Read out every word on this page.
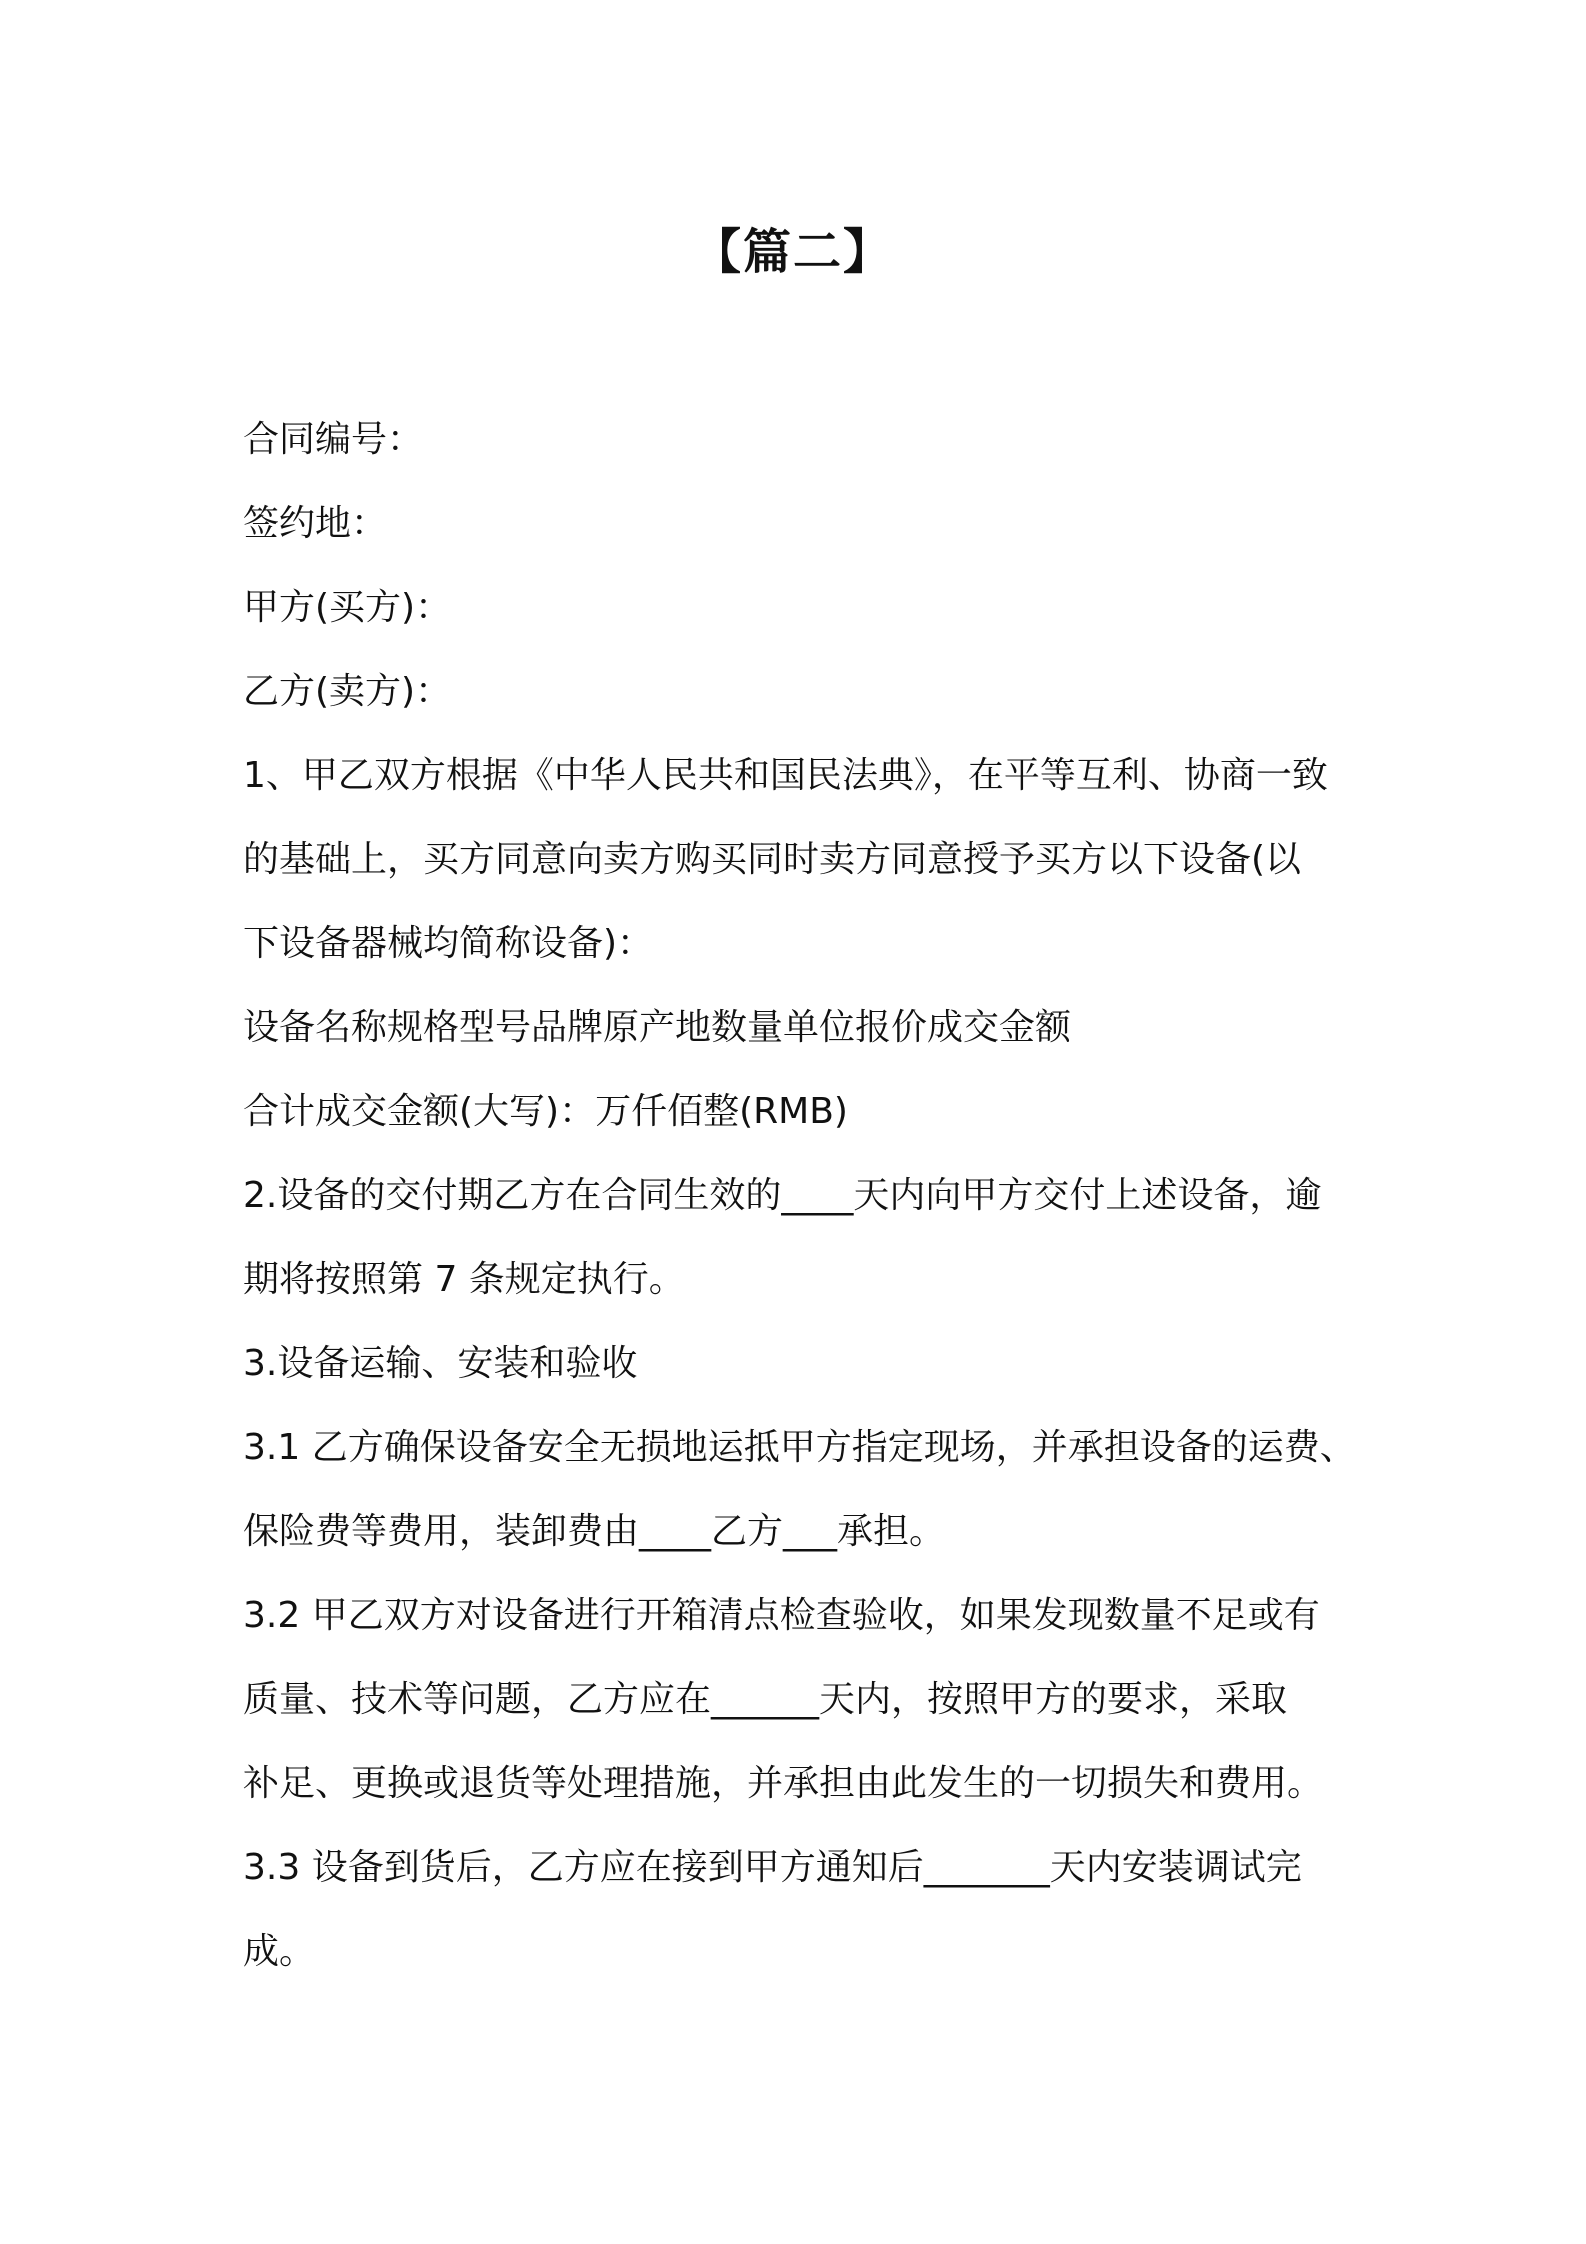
【篇二】
合同编号：
签约地：
甲方(买方)：
乙方(卖方)：
1、甲乙双方根据《中华人民共和国民法典》，在平等互利、协商一致
的基础上，买方同意向卖方购买同时卖方同意授予买方以下设备(以
下设备器械均简称设备)：
设备名称规格型号品牌原产地数量单位报价成交金额
合计成交金额(大写)：万仟佰整(RMB)
2.设备的交付期乙方在合同生效的____天内向甲方交付上述设备，逾
期将按照第 7 条规定执行。
3.设备运输、安装和验收
3.1 乙方确保设备安全无损地运抵甲方指定现场，并承担设备的运费、
保险费等费用，装卸费由____乙方___承担。
3.2 甲乙双方对设备进行开箱清点检查验收，如果发现数量不足或有
质量、技术等问题，乙方应在______天内，按照甲方的要求，采取
补足、更换或退货等处理措施，并承担由此发生的一切损失和费用。
3.3 设备到货后，乙方应在接到甲方通知后_______天内安装调试完
成。
